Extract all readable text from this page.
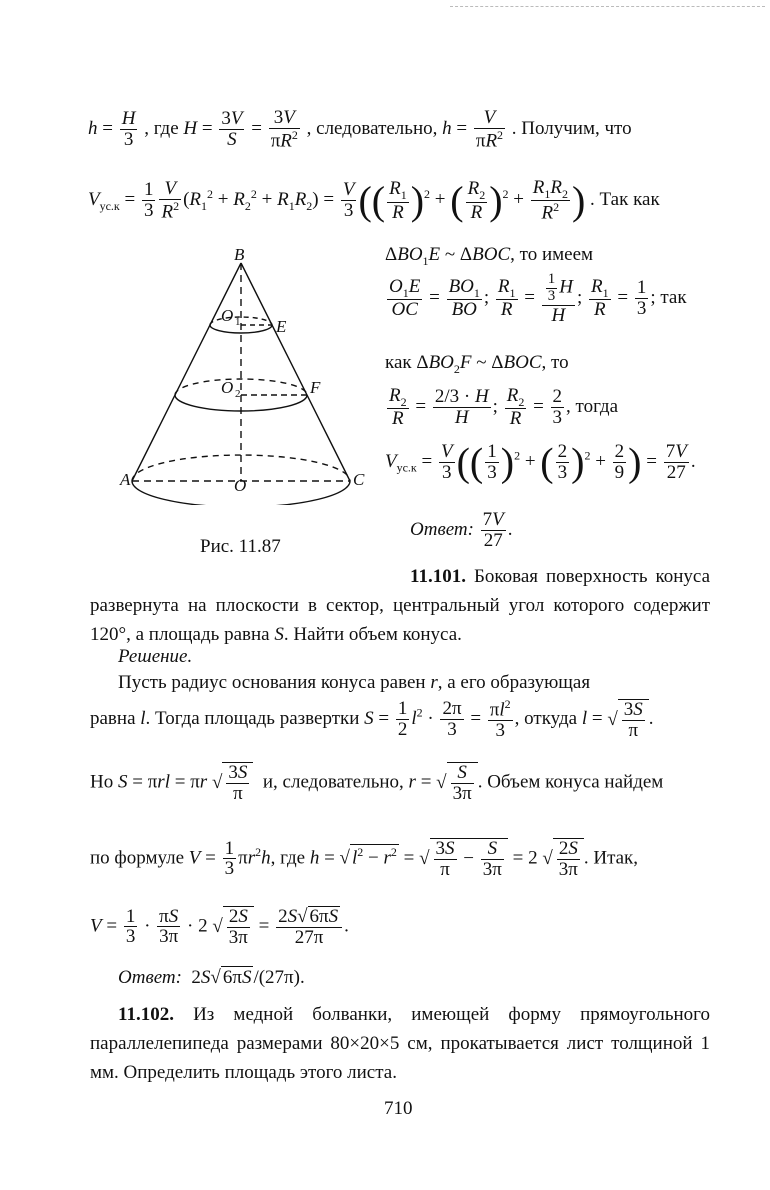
$h = \frac{H}{3}$ , где $H = \frac{3V}{S} = \frac{3V}{\pi R^2}$ , следовательно, $h = \frac{V}{\pi R^2}$ . Получим, что
$V_{ус.к} = \frac{1}{3} \frac{V}{R^2} (R_1^2 + R_2^2 + R_1R_2) = \frac{V}{3}$ (( $\frac{R_1}{R} )^2$ + ( $\frac{R_2}{R} )^2 + \frac{R_1R_2}{R^2}$ ) . Так как
B
E
F
A	O	C
O 1
O 2
Рис. 11.87
$\Delta BO_1E$ ~ ΔBOC, то имеем
$\frac{O_1E}{OC} = \frac{BO_1}{BO}$ ; $\frac{R_1}{R} = \frac{\frac{1}{3} H}{H}$ ; $\frac{R_1}{R} = \frac{1}{3}$ ; так
как $\Delta BO_2F$ ~ ΔBOC, то
$\frac{R_2}{R} = \frac{2/3 \cdot H}{H}$ ; $\frac{R_2}{R} = \frac{2}{3}$ , тогда
$V_{ус.к} = \frac{V}{3}$ (( $\frac{1}{3} )^2$ + ( $\frac{2}{3} )^2 + \frac{2}{9}$ ) = $\frac{7V}{27}$ .
Ответ: $\frac{7V}{27}$ .
11.101. Боковая поверхность конуса развернута на плоскости в сектор, центральный угол которого содержит 120°, а площадь равна S. Найти объем конуса.
Решение.
Пусть радиус основания конуса равен r, а его образующая
равна l. Тогда площадь развертки $S = \frac{1}{2} l^2 \cdot \frac{2\pi}{3} = \frac{\pi l^2}{3}$ , откуда l = √ $\frac{3S}{\pi}$ .
Но S = πrl = πr √ $\frac{3S}{\pi} и$, следовательно, r = √ $\frac{S}{3\pi}$ . Объем конуса найдем
по формуле $V = \frac{1}{3} \pi r^2h$, где h = √ $l^2 - r^2$ = √ $\frac{3S}{\pi} - \frac{S}{3\pi} = 2$ √ $\frac{2S}{3\pi}$ . Итак,
$V = \frac{1}{3} \cdot \frac{\pi S}{3\pi} \cdot 2$ √ $\frac{2S}{3\pi} = \frac{2S√ 6\pi S}{27\pi}$ .
Ответ:  2S√ 6πS /(27π).
11.102. Из медной болванки, имеющей форму прямоугольного параллелепипеда размерами 80×20×5 см, прокатывается лист толщиной 1 мм. Определить площадь этого листа.
710
